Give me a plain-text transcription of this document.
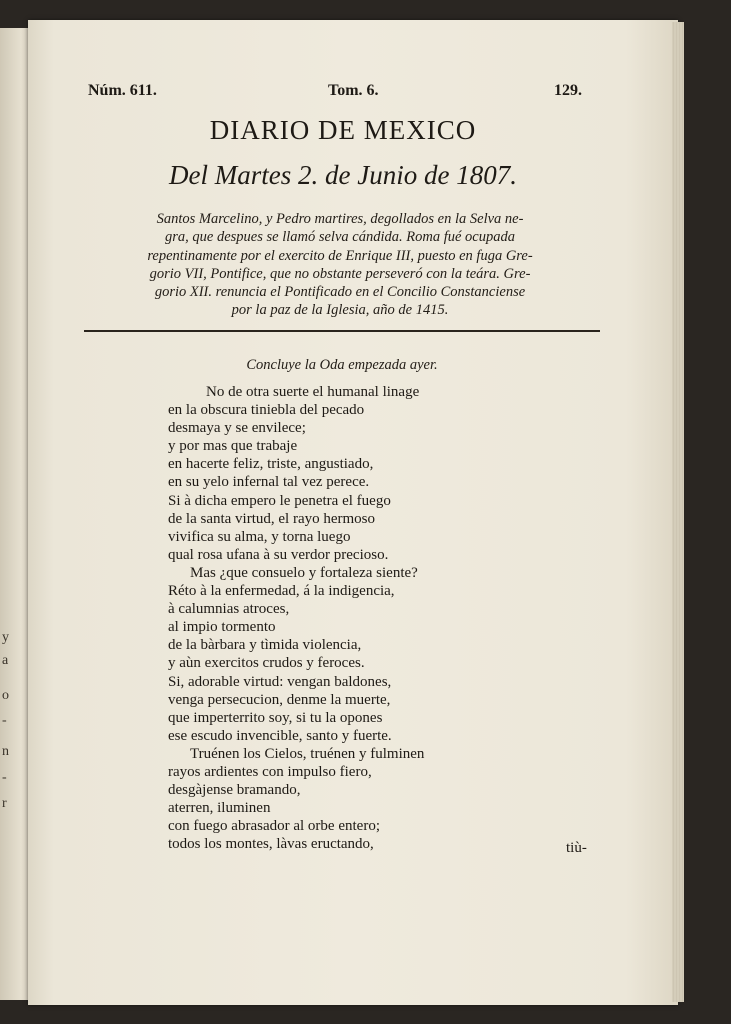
y
a
o
-
n
-
r
Núm. 611.	Tom. 6.	129.
DIARIO DE MEXICO
Del Martes 2. de Junio de 1807.
Santos Marcelino, y Pedro martires, degollados en la Selva ne-
gra, que despues se llamó selva cándida. Roma fué ocupada
repentinamente por el exercito de Enrique III, puesto en fuga Gre-
gorio VII, Pontifice, que no obstante perseveró con la teára. Gre-
gorio XII. renuncia el Pontificado en el Concilio Constanciense
por la paz de la Iglesia, año de 1415.
Concluye la Oda empezada ayer.
No de otra suerte el humanal linage
en la obscura tiniebla del pecado
desmaya y se envilece;
y por mas que trabaje
en hacerte feliz, triste, angustiado,
en su yelo infernal tal vez perece.
Si à dicha empero le penetra el fuego
de la santa virtud, el rayo hermoso
vivifica su alma, y torna luego
qual rosa ufana à su verdor precioso.
Mas ¿que consuelo y fortaleza siente?
Réto à la enfermedad, á la indigencia,
à calumnias atroces,
al impio tormento
de la bàrbara y tìmida violencia,
y aùn exercitos crudos y feroces.
Si, adorable virtud: vengan baldones,
venga persecucion, denme la muerte,
que imperterrito soy, si tu la opones
ese escudo invencible, santo y fuerte.
Truénen los Cielos, truénen y fulminen
rayos ardientes con impulso fiero,
desgàjense bramando,
aterren, iluminen
con fuego abrasador al orbe entero;
todos los montes, làvas eructando,	tiù-
